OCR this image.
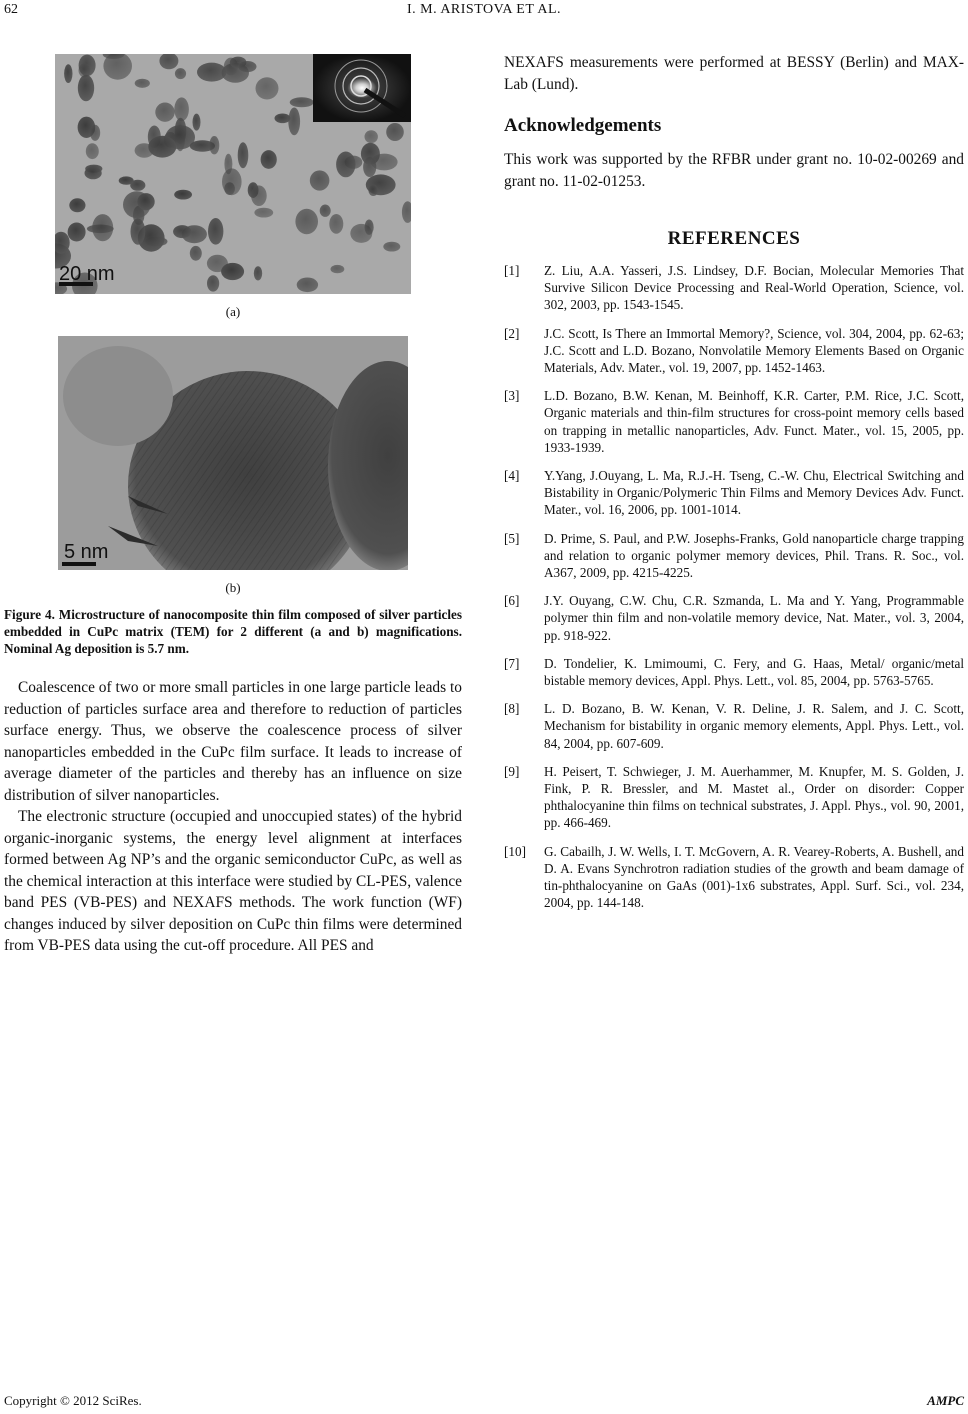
62	I. M. ARISTOVA ET AL.
20 nm
(a)
5 nm
(b)
Figure 4. Microstructure of nanocomposite thin film composed of silver particles embedded in CuPc matrix (TEM) for 2 different (a and b) magnifications. Nominal Ag deposition is 5.7 nm.

Coalescence of two or more small particles in one large particle leads to reduction of particles surface area and therefore to reduction of particles surface energy. Thus, we observe the coalescence process of silver nanoparticles embedded in the CuPc film surface. It leads to increase of average diameter of the particles and thereby has an influence on size distribution of silver nanoparticles.

The electronic structure (occupied and unoccupied states) of the hybrid organic-inorganic systems, the energy level alignment at interfaces formed between Ag NP’s and the organic semiconductor CuPc, as well as the chemical interaction at this interface were studied by CL-PES, valence band PES (VB-PES) and NEXAFS methods. The work function (WF) changes induced by silver deposition on CuPc thin films were determined from VB-PES data using the cut-off procedure. All PES and

NEXAFS measurements were performed at BESSY (Berlin) and MAX-Lab (Lund).

Acknowledgements

This work was supported by the RFBR under grant no. 10-02-00269 and grant no. 11-02-01253.

REFERENCES
[1]	Z. Liu, A.A. Yasseri, J.S. Lindsey, D.F. Bocian, Molecular Memories That Survive Silicon Device Processing and Real-World Operation, Science, vol. 302, 2003, pp. 1543-1545.
[2]	J.C. Scott, Is There an Immortal Memory?, Science, vol. 304, 2004, pp. 62-63; J.C. Scott and L.D. Bozano, Nonvolatile Memory Elements Based on Organic Materials, Adv. Mater., vol. 19, 2007, pp. 1452-1463.
[3]	L.D. Bozano, B.W. Kenan, M. Beinhoff, K.R. Carter, P.M. Rice, J.C. Scott, Organic materials and thin-film structures for cross-point memory cells based on trapping in metallic nanoparticles, Adv. Funct. Mater., vol. 15, 2005, pp. 1933-1939.
[4]	Y.Yang, J.Ouyang, L. Ma, R.J.-H. Tseng, C.-W. Chu, Electrical Switching and Bistability in Organic/Polymeric Thin Films and Memory Devices Adv. Funct. Mater., vol. 16, 2006, pp. 1001-1014.
[5]	D. Prime, S. Paul, and P.W. Josephs-Franks, Gold nanoparticle charge trapping and relation to organic polymer memory devices, Phil. Trans. R. Soc., vol. A367, 2009, pp. 4215-4225.
[6]	J.Y. Ouyang, C.W. Chu, C.R. Szmanda, L. Ma and Y. Yang, Programmable polymer thin film and non-volatile memory device, Nat. Mater., vol. 3, 2004, pp. 918-922.
[7]	D. Tondelier, K. Lmimoumi, C. Fery, and G. Haas, Metal/ organic/metal bistable memory devices, Appl. Phys. Lett., vol. 85, 2004, pp. 5763-5765.
[8]	L. D. Bozano, B. W. Kenan, V. R. Deline, J. R. Salem, and J. C. Scott, Mechanism for bistability in organic memory elements, Appl. Phys. Lett., vol. 84, 2004, pp. 607-609.
[9]	H. Peisert, T. Schwieger, J. M. Auerhammer, M. Knupfer, M. S. Golden, J. Fink, P. R. Bressler, and M. Mastet al., Order on disorder: Copper phthalocyanine thin films on technical substrates, J. Appl. Phys., vol. 90, 2001, pp. 466-469.
[10]	G. Cabailh, J. W. Wells, I. T. McGovern, A. R. Vearey-Roberts, A. Bushell, and D. A. Evans Synchrotron radiation studies of the growth and beam damage of tin-phthalocyanine on GaAs (001)-1x6 substrates, Appl. Surf. Sci., vol. 234, 2004, pp. 144-148.
Copyright © 2012 SciRes.	AMPC
